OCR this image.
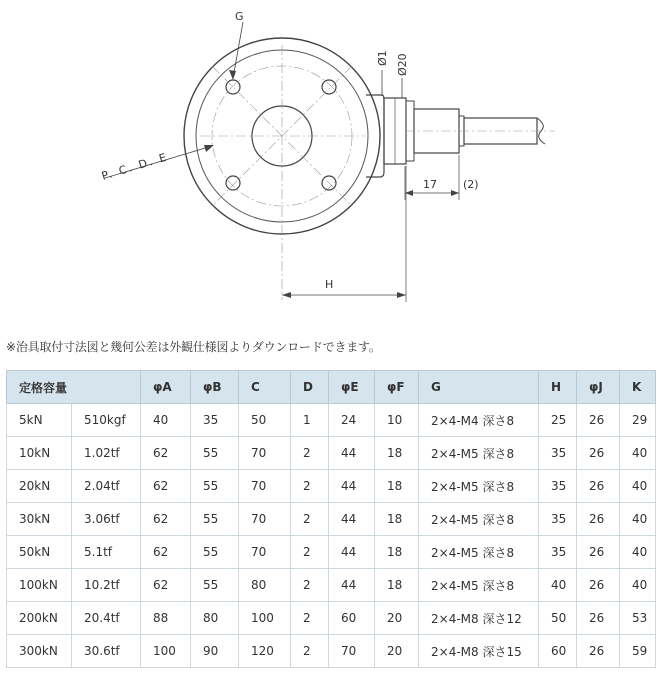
G
P. C. D. E
Ø1 Ø20
17 (2)
H
※治具取付寸法図と幾何公差は外観仕様図よりダウンロードできます。
定格容量		φA	φB	C	D	φE	φF	G	H	φJ	K
5kN	510kgf	40	35	50	1	24	10	2×4-M4 深さ8	25	26	29
10kN	1.02tf	62	55	70	2	44	18	2×4-M5 深さ8	35	26	40
20kN	2.04tf	62	55	70	2	44	18	2×4-M5 深さ8	35	26	40
30kN	3.06tf	62	55	70	2	44	18	2×4-M5 深さ8	35	26	40
50kN	5.1tf	62	55	70	2	44	18	2×4-M5 深さ8	35	26	40
100kN	10.2tf	62	55	80	2	44	18	2×4-M5 深さ8	40	26	40
200kN	20.4tf	88	80	100	2	60	20	2×4-M8 深さ12	50	26	53
300kN	30.6tf	100	90	120	2	70	20	2×4-M8 深さ15	60	26	59
